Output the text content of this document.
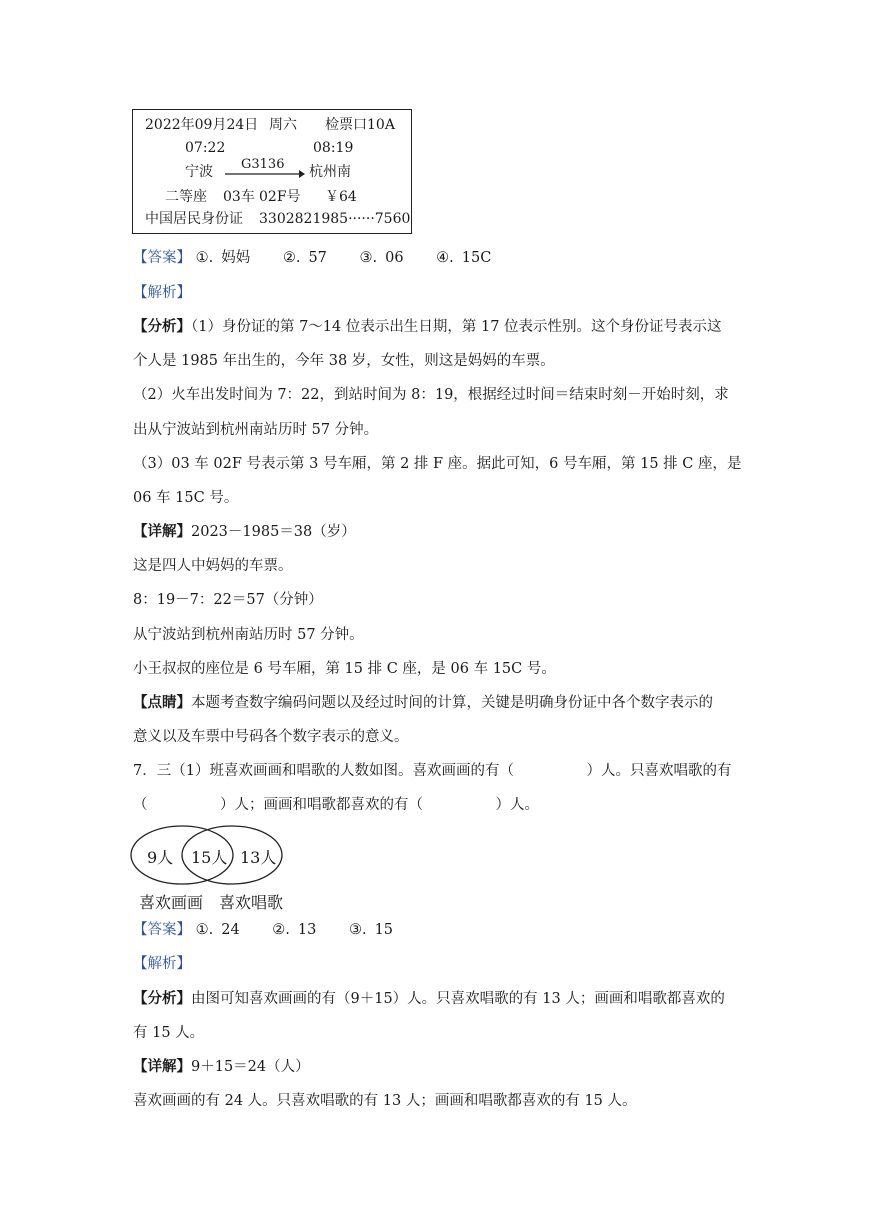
2022年09月24日 周六 检票口10A
07:22	08:19
宁波 G3136 杭州南
二等座 03车 02F号 ￥64
中国居民身份证 3302821985······7560
【答案】 ①. 妈妈 ②. 57 ③. 06 ④. 15C
【解析】
【分析】（1）身份证的第 7～14 位表示出生日期，第 17 位表示性别。这个身份证号表示这
个人是 1985 年出生的，今年 38 岁，女性，则这是妈妈的车票。
（2）火车出发时间为 7：22，到站时间为 8：19，根据经过时间＝结束时刻－开始时刻，求
出从宁波站到杭州南站历时 57 分钟。
（3）03 车 02F 号表示第 3 号车厢，第 2 排 F 座。据此可知，6 号车厢，第 15 排 C 座，是
06 车 15C 号。
【详解】2023－1985＝38（岁）
这是四人中妈妈的车票。
8：19－7：22＝57（分钟）
从宁波站到杭州南站历时 57 分钟。
小王叔叔的座位是 6 号车厢，第 15 排 C 座，是 06 车 15C 号。
【点睛】本题考查数字编码问题以及经过时间的计算，关键是明确身份证中各个数字表示的
意义以及车票中号码各个数字表示的意义。
7．三（1）班喜欢画画和唱歌的人数如图。喜欢画画的有（　　　　　）人。只喜欢唱歌的有
（　　　　　）人；画画和唱歌都喜欢的有（　　　　　）人。
9人 15人 13人
喜欢画画 喜欢唱歌
【答案】 ①. 24 ②. 13 ③. 15
【解析】
【分析】由图可知喜欢画画的有（9＋15）人。只喜欢唱歌的有 13 人；画画和唱歌都喜欢的
有 15 人。
【详解】9＋15＝24（人）
喜欢画画的有 24 人。只喜欢唱歌的有 13 人；画画和唱歌都喜欢的有 15 人。
